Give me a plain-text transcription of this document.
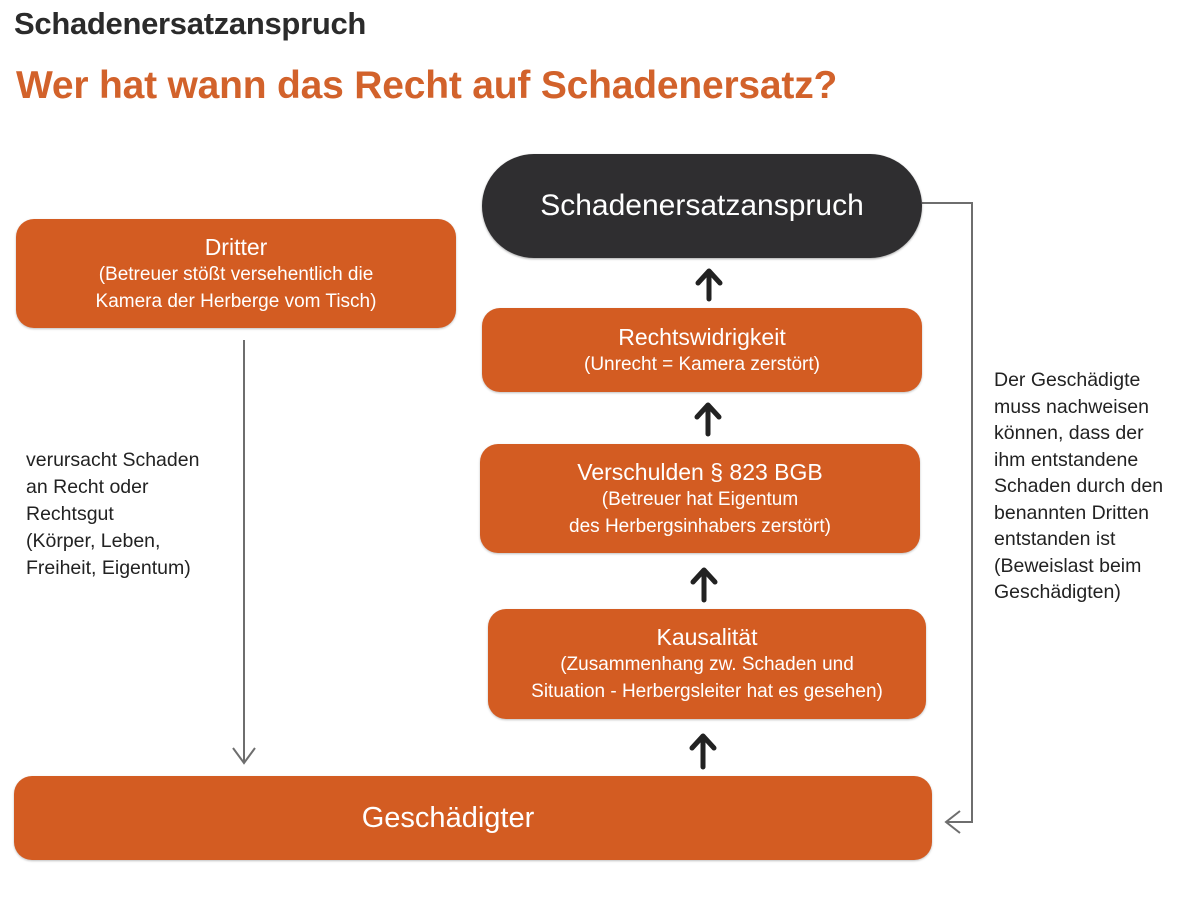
Schadenersatzanspruch
Wer hat wann das Recht auf Schadenersatz?
Schadenersatzanspruch
Dritter
(Betreuer stößt versehentlich die
Kamera der Herberge vom Tisch)
Rechtswidrigkeit
(Unrecht = Kamera zerstört)
Verschulden § 823 BGB
(Betreuer hat Eigentum
des Herbergsinhabers zerstört)
Kausalität
(Zusammenhang zw. Schaden und
Situation - Herbergsleiter hat es gesehen)
Geschädigter
verursacht Schaden
an Recht oder
Rechtsgut
(Körper, Leben,
Freiheit, Eigentum)
Der Geschädigte
muss nachweisen
können, dass der
ihm entstandene
Schaden durch den
benannten Dritten
entstanden ist
(Beweislast beim
Geschädigten)
